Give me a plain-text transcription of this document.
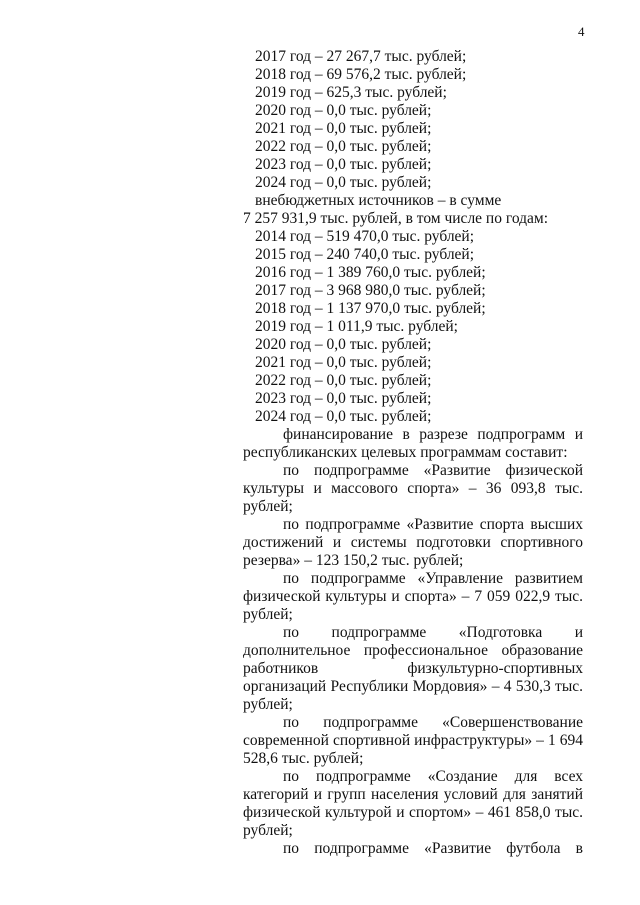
4
2017 год – 27 267,7 тыс. рублей;
2018 год – 69 576,2 тыс. рублей;
2019 год – 625,3 тыс. рублей;
2020 год – 0,0 тыс. рублей;
2021 год – 0,0 тыс. рублей;
2022 год – 0,0 тыс. рублей;
2023 год – 0,0 тыс. рублей;
2024 год – 0,0 тыс. рублей;
внебюджетных источников – в сумме
7 257 931,9 тыс. рублей, в том числе по годам:
2014 год – 519 470,0 тыс. рублей;
2015 год – 240 740,0 тыс. рублей;
2016 год – 1 389 760,0 тыс. рублей;
2017 год – 3 968 980,0 тыс. рублей;
2018 год – 1 137 970,0 тыс. рублей;
2019 год – 1 011,9 тыс. рублей;
2020 год – 0,0 тыс. рублей;
2021 год – 0,0 тыс. рублей;
2022 год – 0,0 тыс. рублей;
2023 год – 0,0 тыс. рублей;
2024 год – 0,0 тыс. рублей;
финансирование в разрезе подпрограмм и республиканских целевых программам составит:
по подпрограмме «Развитие физической культуры и массового спорта» – 36 093,8 тыс. рублей;
по подпрограмме «Развитие спорта высших достижений и системы подготовки спортивного резерва» – 123 150,2 тыс. рублей;
по подпрограмме «Управление развитием физической культуры и спорта» – 7 059 022,9 тыс. рублей;
по подпрограмме «Подготовка и дополнительное профессиональное образование работников физкультурно-спортивных организаций Республики Мордовия» – 4 530,3 тыс. рублей;
по подпрограмме «Совершенствование современной спортивной инфраструктуры» – 1 694 528,6 тыс. рублей;
по подпрограмме «Создание для всех категорий и групп населения условий для занятий физической культурой и спортом» – 461 858,0 тыс. рублей;
по подпрограмме «Развитие футбола в
